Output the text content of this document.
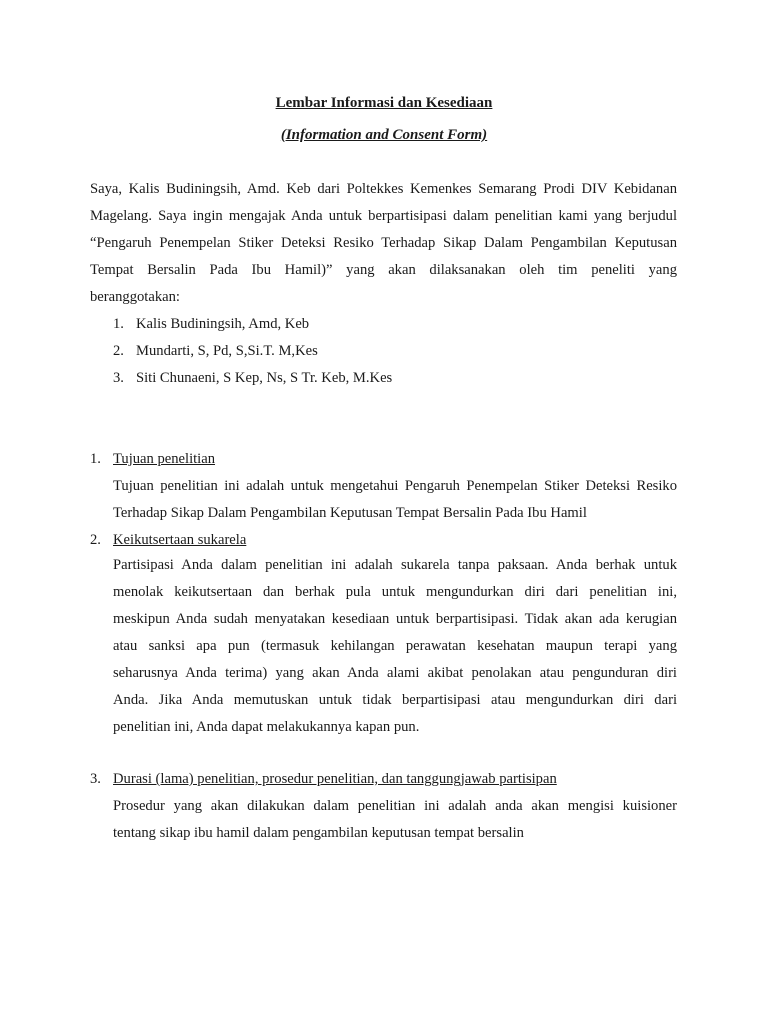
Lembar Informasi dan Kesediaan
(Information and Consent Form)

Saya, Kalis Budiningsih, Amd. Keb dari Poltekkes Kemenkes Semarang Prodi DIV Kebidanan
Magelang. Saya ingin mengajak Anda untuk berpartisipasi dalam penelitian kami yang berjudul
“Pengaruh Penempelan Stiker Deteksi Resiko Terhadap Sikap Dalam Pengambilan Keputusan
Tempat Bersalin Pada Ibu Hamil)” yang akan dilaksanakan oleh tim peneliti yang
beranggotakan:

1. Kalis Budiningsih, Amd, Keb
2. Mundarti, S, Pd, S,Si.T. M,Kes
3. Siti Chunaeni, S Kep, Ns, S Tr. Keb, M.Kes
1. Tujuan penelitian

Tujuan penelitian ini adalah untuk mengetahui Pengaruh Penempelan Stiker Deteksi Resiko
Terhadap Sikap Dalam Pengambilan Keputusan Tempat Bersalin Pada Ibu Hamil

2. Keikutsertaan sukarela

Partisipasi Anda dalam penelitian ini adalah sukarela tanpa paksaan. Anda berhak untuk
menolak keikutsertaan dan berhak pula untuk mengundurkan diri dari penelitian ini,
meskipun Anda sudah menyatakan kesediaan untuk berpartisipasi. Tidak akan ada kerugian
atau sanksi apa pun (termasuk kehilangan perawatan kesehatan maupun terapi yang
seharusnya Anda terima) yang akan Anda alami akibat penolakan atau pengunduran diri
Anda. Jika Anda memutuskan untuk tidak berpartisipasi atau mengundurkan diri dari
penelitian ini, Anda dapat melakukannya kapan pun.

3. Durasi (lama) penelitian, prosedur penelitian, dan tanggungjawab partisipan

Prosedur yang akan dilakukan dalam penelitian ini adalah anda akan mengisi kuisioner
tentang sikap ibu hamil dalam pengambilan keputusan tempat bersalin
